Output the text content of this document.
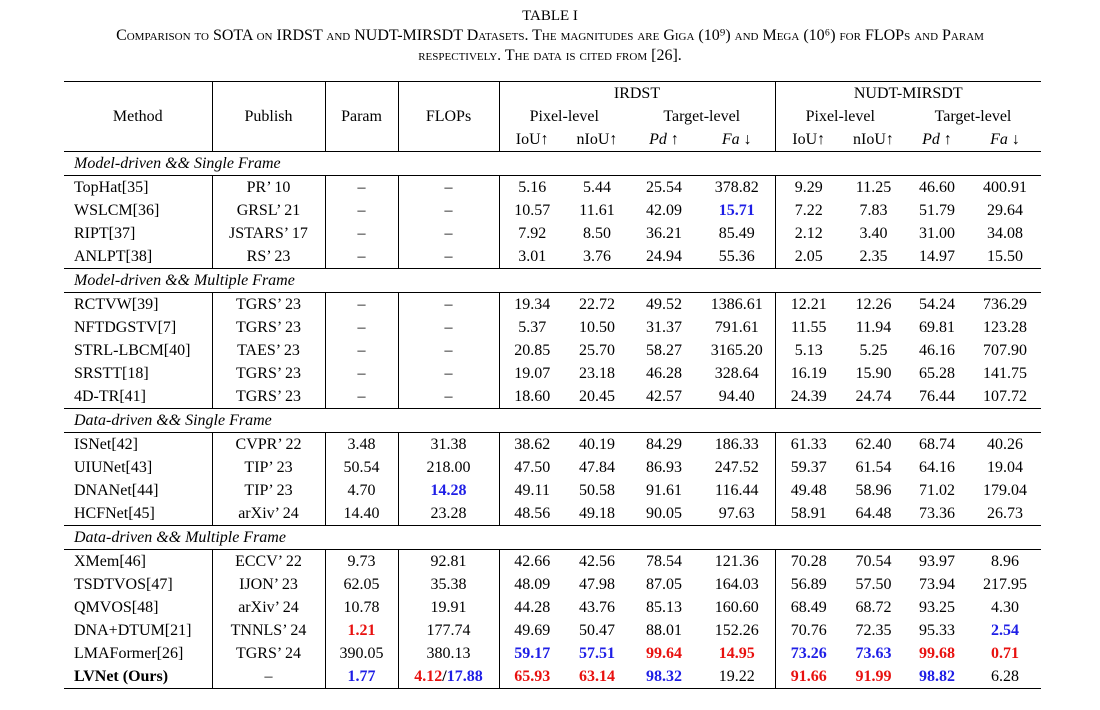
TABLE I
Comparison to SOTA on IRDST and NUDT-MIRSDT Datasets. The magnitudes are Giga (10⁹) and Mega (10⁶) for FLOPs and Param
respectively. The data is cited from [26].
Method	Publish	Param	FLOPs	IRDST				NUDT-MIRSDT			
				Pixel-level		Target-level		Pixel-level		Target-level	
				IoU↑	nIoU↑	Pd ↑	Fa ↓	IoU↑	nIoU↑	Pd ↑	Fa ↓
Model-driven && Single Frame											
TopHat[35]	PR’ 10	–	–	5.16	5.44	25.54	378.82	9.29	11.25	46.60	400.91
WSLCM[36]	GRSL’ 21	–	–	10.57	11.61	42.09	15.71	7.22	7.83	51.79	29.64
RIPT[37]	JSTARS’ 17	–	–	7.92	8.50	36.21	85.49	2.12	3.40	31.00	34.08
ANLPT[38]	RS’ 23	–	–	3.01	3.76	24.94	55.36	2.05	2.35	14.97	15.50
Model-driven && Multiple Frame											
RCTVW[39]	TGRS’ 23	–	–	19.34	22.72	49.52	1386.61	12.21	12.26	54.24	736.29
NFTDGSTV[7]	TGRS’ 23	–	–	5.37	10.50	31.37	791.61	11.55	11.94	69.81	123.28
STRL-LBCM[40]	TAES’ 23	–	–	20.85	25.70	58.27	3165.20	5.13	5.25	46.16	707.90
SRSTT[18]	TGRS’ 23	–	–	19.07	23.18	46.28	328.64	16.19	15.90	65.28	141.75
4D-TR[41]	TGRS’ 23	–	–	18.60	20.45	42.57	94.40	24.39	24.74	76.44	107.72
Data-driven && Single Frame											
ISNet[42]	CVPR’ 22	3.48	31.38	38.62	40.19	84.29	186.33	61.33	62.40	68.74	40.26
UIUNet[43]	TIP’ 23	50.54	218.00	47.50	47.84	86.93	247.52	59.37	61.54	64.16	19.04
DNANet[44]	TIP’ 23	4.70	14.28	49.11	50.58	91.61	116.44	49.48	58.96	71.02	179.04
HCFNet[45]	arXiv’ 24	14.40	23.28	48.56	49.18	90.05	97.63	58.91	64.48	73.36	26.73
Data-driven && Multiple Frame											
XMem[46]	ECCV’ 22	9.73	92.81	42.66	42.56	78.54	121.36	70.28	70.54	93.97	8.96
TSDTVOS[47]	IJON’ 23	62.05	35.38	48.09	47.98	87.05	164.03	56.89	57.50	73.94	217.95
QMVOS[48]	arXiv’ 24	10.78	19.91	44.28	43.76	85.13	160.60	68.49	68.72	93.25	4.30
DNA+DTUM[21]	TNNLS’ 24	1.21	177.74	49.69	50.47	88.01	152.26	70.76	72.35	95.33	2.54
LMAFormer[26]	TGRS’ 24	390.05	380.13	59.17	57.51	99.64	14.95	73.26	73.63	99.68	0.71
LVNet (Ours)	–	1.77	4.12/17.88	65.93	63.14	98.32	19.22	91.66	91.99	98.82	6.28
